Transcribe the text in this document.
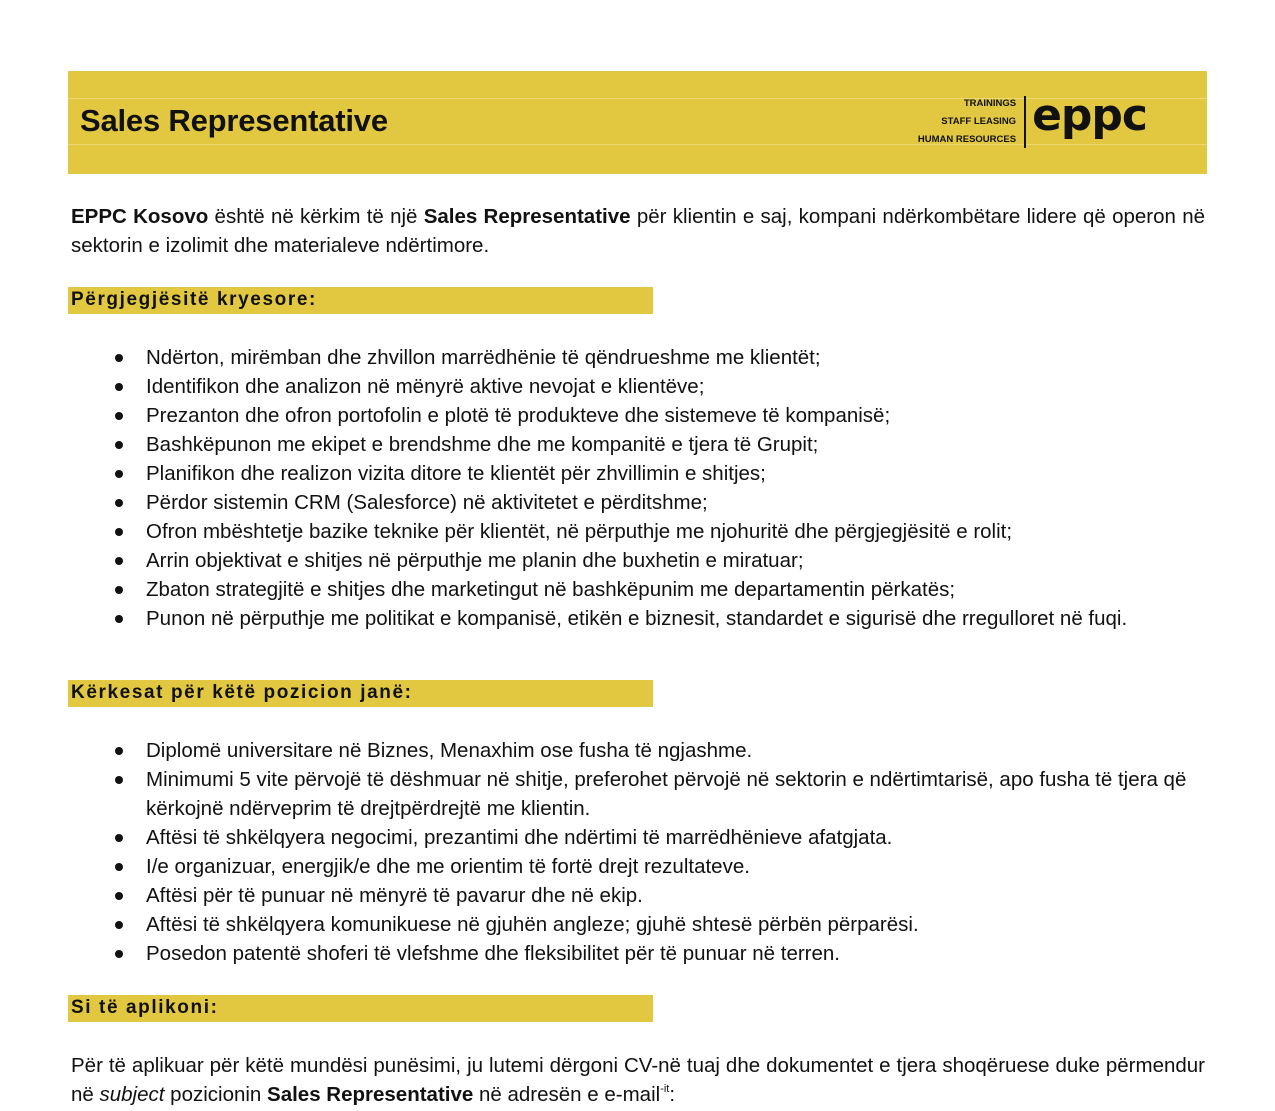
Sales Representative	TRAININGS
STAFF LEASING
HUMAN RESOURCES eppc
EPPC Kosovo është në kërkim të një Sales Representative për klientin e saj, kompani ndërkombëtare lidere që operon në sektorin e izolimit dhe materialeve ndërtimore.
Përgjegjësitë kryesore:
Ndërton, mirëmban dhe zhvillon marrëdhënie të qëndrueshme me klientët;
Identifikon dhe analizon në mënyrë aktive nevojat e klientëve;
Prezanton dhe ofron portofolin e plotë të produkteve dhe sistemeve të kompanisë;
Bashkëpunon me ekipet e brendshme dhe me kompanitë e tjera të Grupit;
Planifikon dhe realizon vizita ditore te klientët për zhvillimin e shitjes;
Përdor sistemin CRM (Salesforce) në aktivitetet e përditshme;
Ofron mbështetje bazike teknike për klientët, në përputhje me njohuritë dhe përgjegjësitë e rolit;
Arrin objektivat e shitjes në përputhje me planin dhe buxhetin e miratuar;
Zbaton strategjitë e shitjes dhe marketingut në bashkëpunim me departamentin përkatës;
Punon në përputhje me politikat e kompanisë, etikën e biznesit, standardet e sigurisë dhe rregulloret në fuqi.
Kërkesat për këtë pozicion janë:
Diplomë universitare në Biznes, Menaxhim ose fusha të ngjashme.
Minimumi 5 vite përvojë të dëshmuar në shitje, preferohet përvojë në sektorin e ndërtimtarisë, apo fusha të tjera që kërkojnë ndërveprim të drejtpërdrejtë me klientin.
Aftësi të shkëlqyera negocimi, prezantimi dhe ndërtimi të marrëdhënieve afatgjata.
I/e organizuar, energjik/e dhe me orientim të fortë drejt rezultateve.
Aftësi për të punuar në mënyrë të pavarur dhe në ekip.
Aftësi të shkëlqyera komunikuese në gjuhën angleze; gjuhë shtesë përbën përparësi.
Posedon patentë shoferi të vlefshme dhe fleksibilitet për të punuar në terren.
Si të aplikoni:
Për të aplikuar për këtë mundësi punësimi, ju lutemi dërgoni CV-në tuaj dhe dokumentet e tjera shoqëruese duke përmendur në subject pozicionin Sales Representative në adresën e e-mail$^{-it}$:
